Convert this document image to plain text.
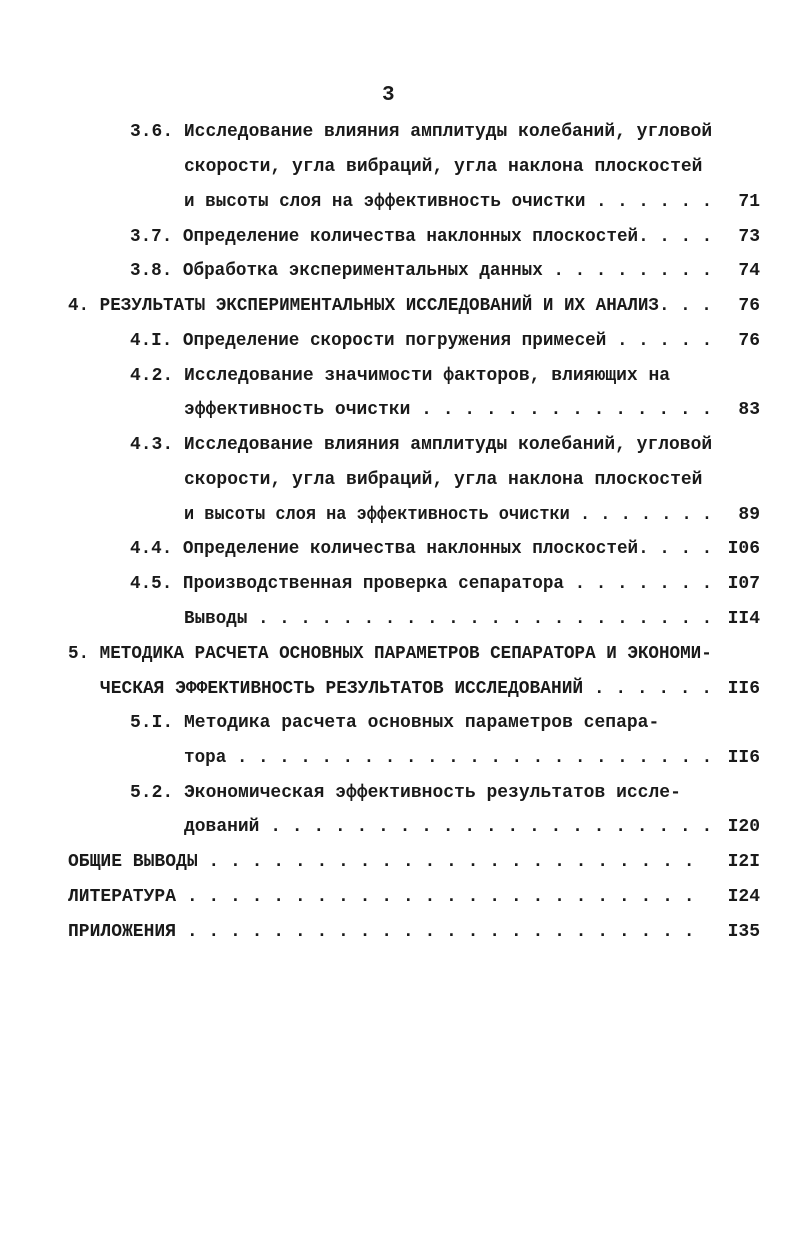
3
3.6. Исследование влияния амплитуды колебаний, угловой
скорости, угла вибраций, угла наклона плоскостей
и высоты слоя на эффективность очистки . . . . . . 71
3.7. Определение количества наклонных плоскостей. . . . 73
3.8. Обработка экспериментальных данных . . . . . . . . 74
4. РЕЗУЛЬТАТЫ ЭКСПЕРИМЕНТАЛЬНЫХ ИССЛЕДОВАНИЙ И ИХ АНАЛИЗ. . . 76
4.I. Определение скорости погружения примесей . . . . . 76
4.2. Исследование значимости факторов, влияющих на
эффективность очистки . . . . . . . . . . . . . . 83
4.3. Исследование влияния амплитуды колебаний, угловой
скорости, угла вибраций, угла наклона плоскостей
и высоты слоя на эффективность очистки . . . . . . . 89
4.4. Определение количества наклонных плоскостей. . . . I06
4.5. Производственная проверка сепаратора . . . . . . . I07
Выводы . . . . . . . . . . . . . . . . . . . . . . II4
5. МЕТОДИКА РАСЧЕТА ОСНОВНЫХ ПАРАМЕТРОВ СЕПАРАТОРА И ЭКОНОМИ-
ЧЕСКАЯ ЭФФЕКТИВНОСТЬ РЕЗУЛЬТАТОВ ИССЛЕДОВАНИЙ . . . . . . II6
5.I. Методика расчета основных параметров сепара-
тора . . . . . . . . . . . . . . . . . . . . . . . II6
5.2. Экономическая эффективность результатов иссле-
дований . . . . . . . . . . . . . . . . . . . . . I20
ОБЩИЕ ВЫВОДЫ . . . . . . . . . . . . . . . . . . . . . . . I2I
ЛИТЕРАТУРА . . . . . . . . . . . . . . . . . . . . . . . . I24
ПРИЛОЖЕНИЯ . . . . . . . . . . . . . . . . . . . . . . . . I35
